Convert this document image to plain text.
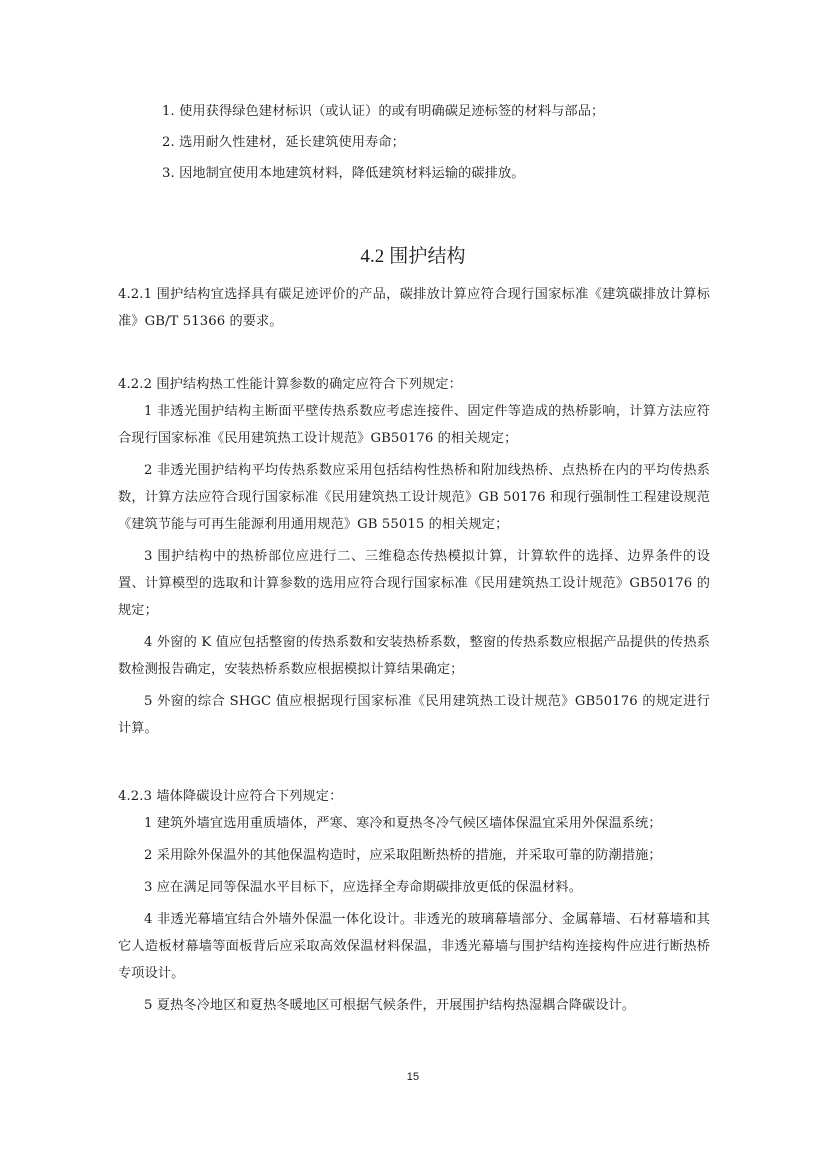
1. 使用获得绿色建材标识（或认证）的或有明确碳足迹标签的材料与部品；
2. 选用耐久性建材，延长建筑使用寿命；
3. 因地制宜使用本地建筑材料，降低建筑材料运输的碳排放。
4.2 围护结构

4.2.1 围护结构宜选择具有碳足迹评价的产品，碳排放计算应符合现行国家标准《建筑碳排放计算标准》GB/T 51366 的要求。

4.2.2 围护结构热工性能计算参数的确定应符合下列规定：

1 非透光围护结构主断面平壁传热系数应考虑连接件、固定件等造成的热桥影响，计算方法应符合现行国家标准《民用建筑热工设计规范》GB50176 的相关规定；

2 非透光围护结构平均传热系数应采用包括结构性热桥和附加线热桥、点热桥在内的平均传热系数，计算方法应符合现行国家标准《民用建筑热工设计规范》GB 50176 和现行强制性工程建设规范《建筑节能与可再生能源利用通用规范》GB 55015 的相关规定；

3 围护结构中的热桥部位应进行二、三维稳态传热模拟计算，计算软件的选择、边界条件的设置、计算模型的选取和计算参数的选用应符合现行国家标准《民用建筑热工设计规范》GB50176 的规定；

4 外窗的 K 值应包括整窗的传热系数和安装热桥系数，整窗的传热系数应根据产品提供的传热系数检测报告确定，安装热桥系数应根据模拟计算结果确定；

5 外窗的综合 SHGC 值应根据现行国家标准《民用建筑热工设计规范》GB50176 的规定进行计算。

4.2.3 墙体降碳设计应符合下列规定：

1 建筑外墙宜选用重质墙体，严寒、寒冷和夏热冬冷气候区墙体保温宜采用外保温系统；

2 采用除外保温外的其他保温构造时，应采取阻断热桥的措施，并采取可靠的防潮措施；

3 应在满足同等保温水平目标下，应选择全寿命期碳排放更低的保温材料。

4 非透光幕墙宜结合外墙外保温一体化设计。非透光的玻璃幕墙部分、金属幕墙、石材幕墙和其它人造板材幕墙等面板背后应采取高效保温材料保温，非透光幕墙与围护结构连接构件应进行断热桥专项设计。

5 夏热冬冷地区和夏热冬暖地区可根据气候条件，开展围护结构热湿耦合降碳设计。

15
